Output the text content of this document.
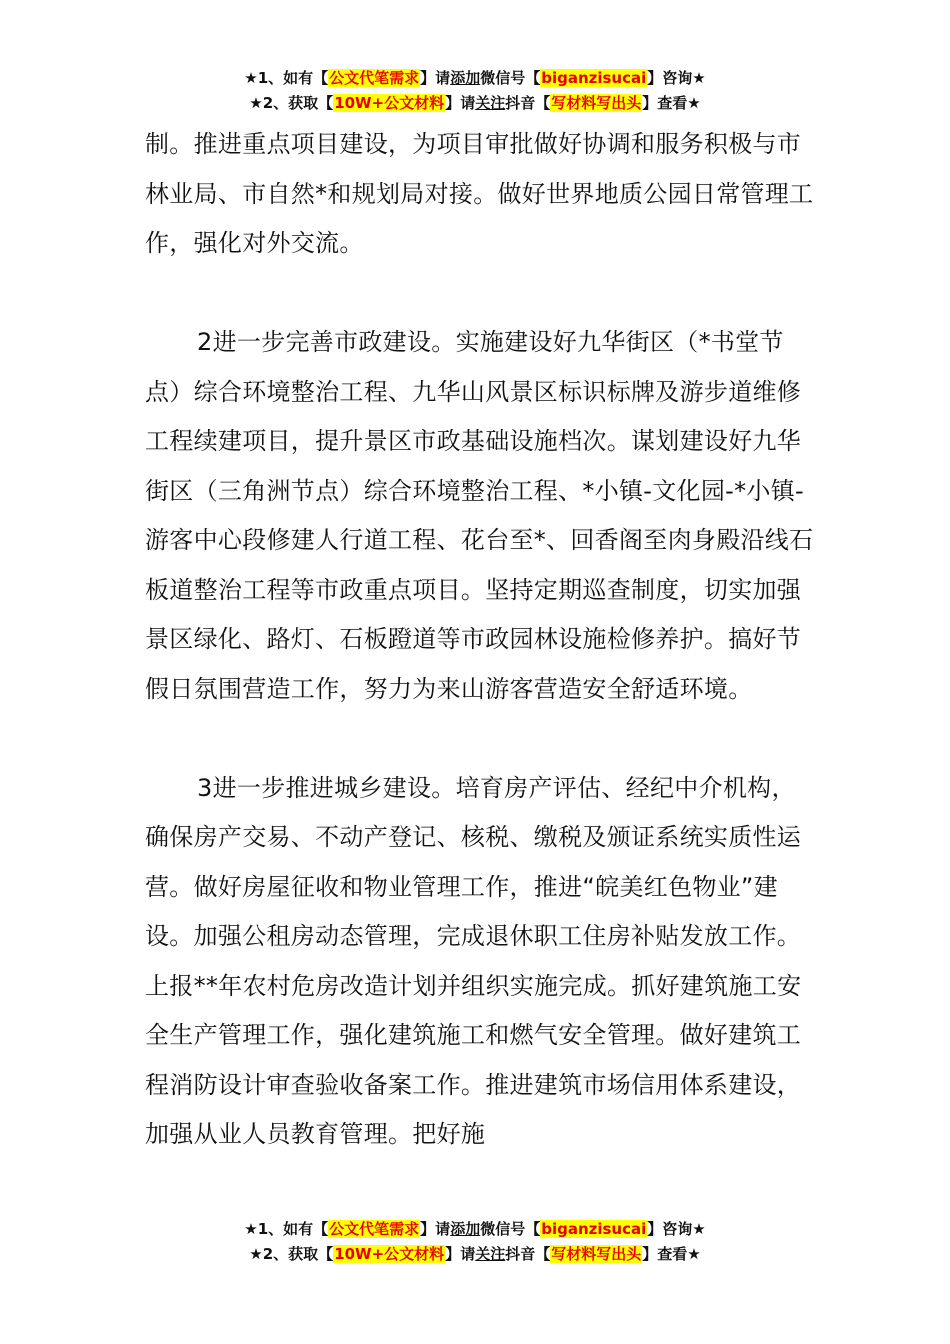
★1、如有【公文代笔需求】请添加微信号【biganzisucai】咨询★
★2、获取【10W+公文材料】请关注抖音【写材料写出头】查看★

制。推进重点项目建设，为项目审批做好协调和服务积极与市林业局、市自然*和规划局对接。做好世界地质公园日常管理工作，强化对外交流。

2进一步完善市政建设。实施建设好九华街区（*书堂节点）综合环境整治工程、九华山风景区标识标牌及游步道维修工程续建项目，提升景区市政基础设施档次。谋划建设好九华街区（三角洲节点）综合环境整治工程、*小镇-文化园-*小镇-游客中心段修建人行道工程、花台至*、回香阁至肉身殿沿线石板道整治工程等市政重点项目。坚持定期巡查制度，切实加强景区绿化、路灯、石板蹬道等市政园林设施检修养护。搞好节假日氛围营造工作，努力为来山游客营造安全舒适环境。

3进一步推进城乡建设。培育房产评估、经纪中介机构，确保房产交易、不动产登记、核税、缴税及颁证系统实质性运营。做好房屋征收和物业管理工作，推进“皖美红色物业”建设。加强公租房动态管理，完成退休职工住房补贴发放工作。上报**年农村危房改造计划并组织实施完成。抓好建筑施工安全生产管理工作，强化建筑施工和燃气安全管理。做好建筑工程消防设计审查验收备案工作。推进建筑市场信用体系建设，加强从业人员教育管理。把好施

★1、如有【公文代笔需求】请添加微信号【biganzisucai】咨询★
★2、获取【10W+公文材料】请关注抖音【写材料写出头】查看★
